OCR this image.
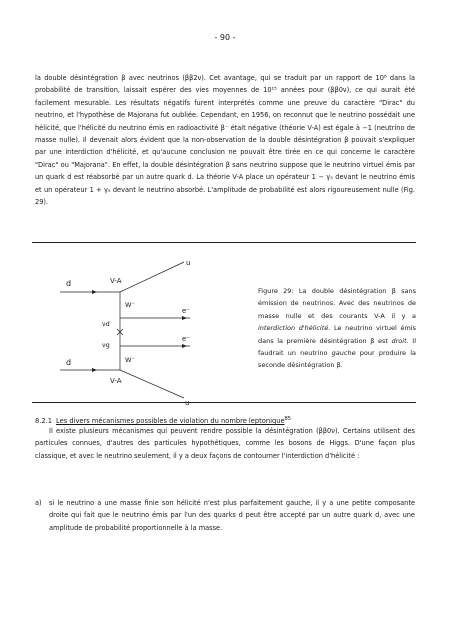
- 90 -

la double désintégration β avec neutrinos (ββ2ν). Cet avantage, qui se traduit par un rapport de 10⁸ dans la probabilité de transition, laissait espérer des vies moyennes de 10¹⁵ années pour (ββ0ν), ce qui aurait été facilement mesurable. Les résultats négatifs furent interprétés comme une preuve du caractère "Dirac" du neutrino, et l'hypothèse de Majorana fut oubliée. Cependant, en 1956, on reconnut que le neutrino possédait une hélicité, que l'hélicité du neutrino émis en radioactivité β⁻ était négative (théorie V-A) est égale à −1 (neutrino de masse nulle). Il devenait alors évident que la non-observation de la double désintégration β pouvait s'expliquer par une interdiction d'hélicité, et qu'aucune conclusion ne pouvait être tirée en ce qui concerne le caractère "Dirac" ou "Majorana". En effet, la double désintégration β sans neutrino suppose que le neutrino virtuel émis par un quark d est réabsorbé par un autre quark d. La théorie V-A place un opérateur 1 − γ₅ devant le neutrino émis et un opérateur 1 + γ₅ devant le neutrino absorbé. L'amplitude de probabilité est alors rigoureusement nulle (Fig. 29).

d
u
V-A
W⁻
e⁻
νd
νg
W⁻
e⁻
d
V-A
u

Figure 29: La double désintégration β sans émission de neutrinos. Avec des neutrinos de masse nulle et des courants V-A il y a interdiction d'hélicité. Le neutrino virtuel émis dans la première désintégration β est droit. Il faudrait un neutrino gauche pour produire la seconde désintégration β.

8.2.1 Les divers mécanismes possibles de violation du nombre leptonique$^{85}$

Il existe plusieurs mécanismes qui peuvent rendre possible la désintégration (ββ0ν). Certains utilisent des particules connues, d'autres des particules hypothétiques, comme les bosons de Higgs. D'une façon plus classique, et avec le neutrino seulement, il y a deux façons de contourner l'interdiction d'hélicité :

a) si le neutrino a une masse finie son hélicité n'est plus parfaitement gauche, il y a une petite composante droite qui fait que le neutrino émis par l'un des quarks d peut être accepté par un autre quark d, avec une amplitude de probabilité proportionnelle à la masse.
